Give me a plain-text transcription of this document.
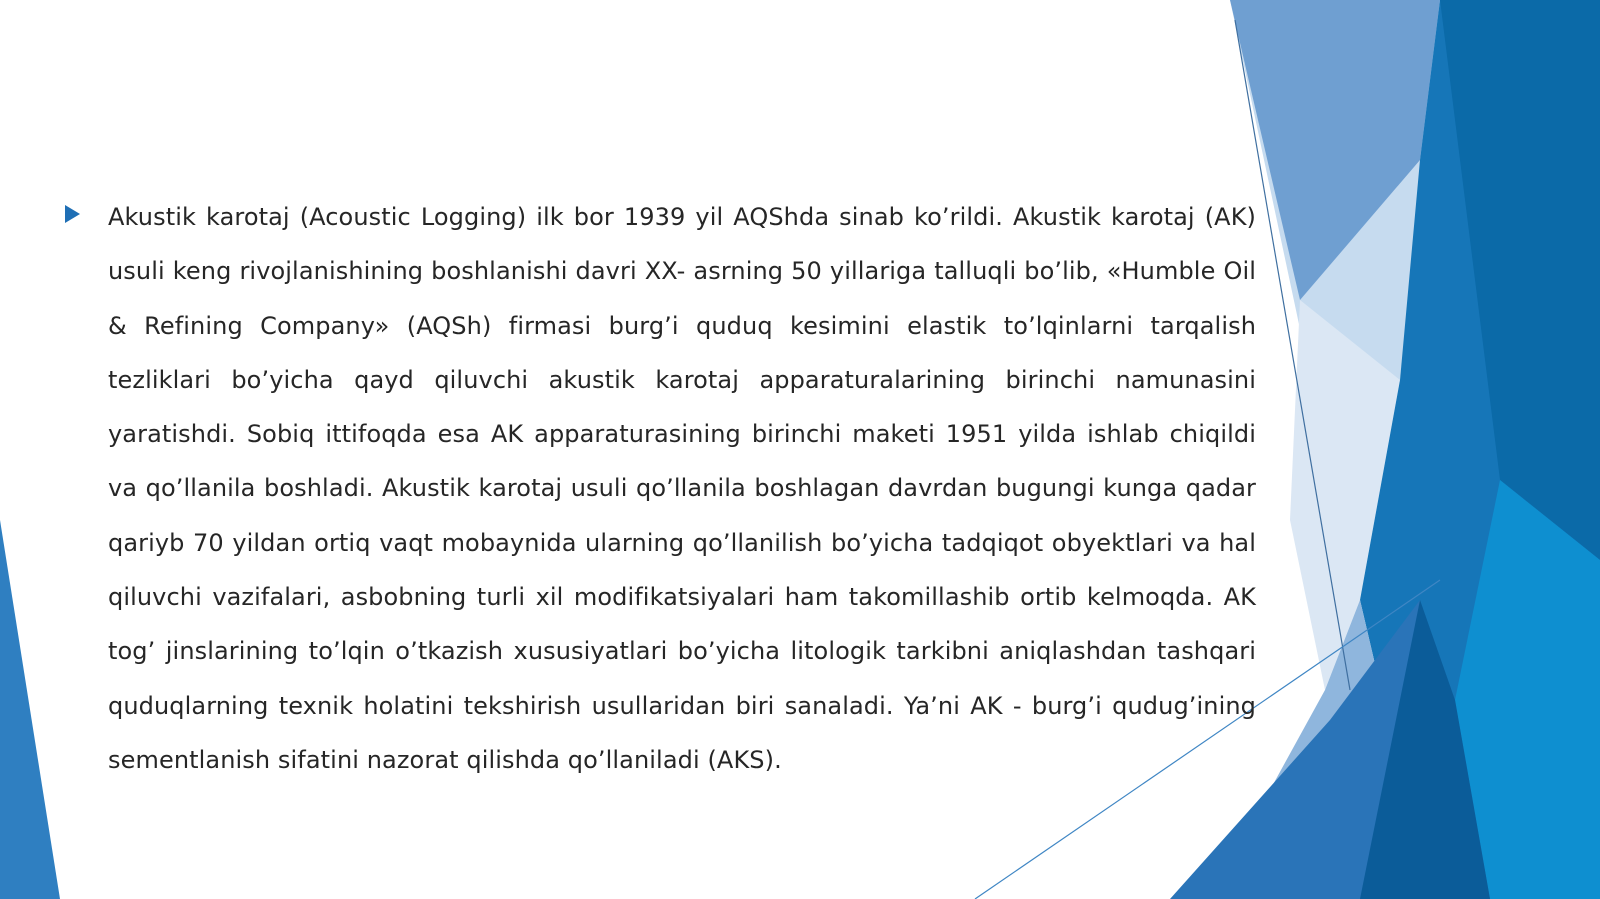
Akustik karotaj (Acoustic Logging) ilk bor 1939 yil AQShda sinab ko’rildi. Akustik karotaj (AK) usuli keng rivojlanishining boshlanishi davri XX- asrning 50 yillariga talluqli bo’lib, «Humble Oil & Refining Company» (AQSh) firmasi burg’i quduq kesimini elastik to’lqinlarni tarqalish tezliklari bo’yicha qayd qiluvchi akustik karotaj apparaturalarining birinchi namunasini yaratishdi. Sobiq ittifoqda esa AK apparaturasining birinchi maketi 1951 yilda ishlab chiqildi va qo’llanila boshladi. Akustik karotaj usuli qo’llanila boshlagan davrdan bugungi kunga qadar qariyb 70 yildan ortiq vaqt mobaynida ularning qo’llanilish bo’yicha tadqiqot obyektlari va hal qiluvchi vazifalari, asbobning turli xil modifikatsiyalari ham takomillashib ortib kelmoqda. AK tog’ jinslarining to’lqin o’tkazish xususiyatlari bo’yicha litologik tarkibni aniqlashdan tashqari quduqlarning texnik holatini tekshirish usullaridan biri sanaladi. Ya’ni AK - burg’i qudug’ining sementlanish sifatini nazorat qilishda qo’llaniladi (AKS).
